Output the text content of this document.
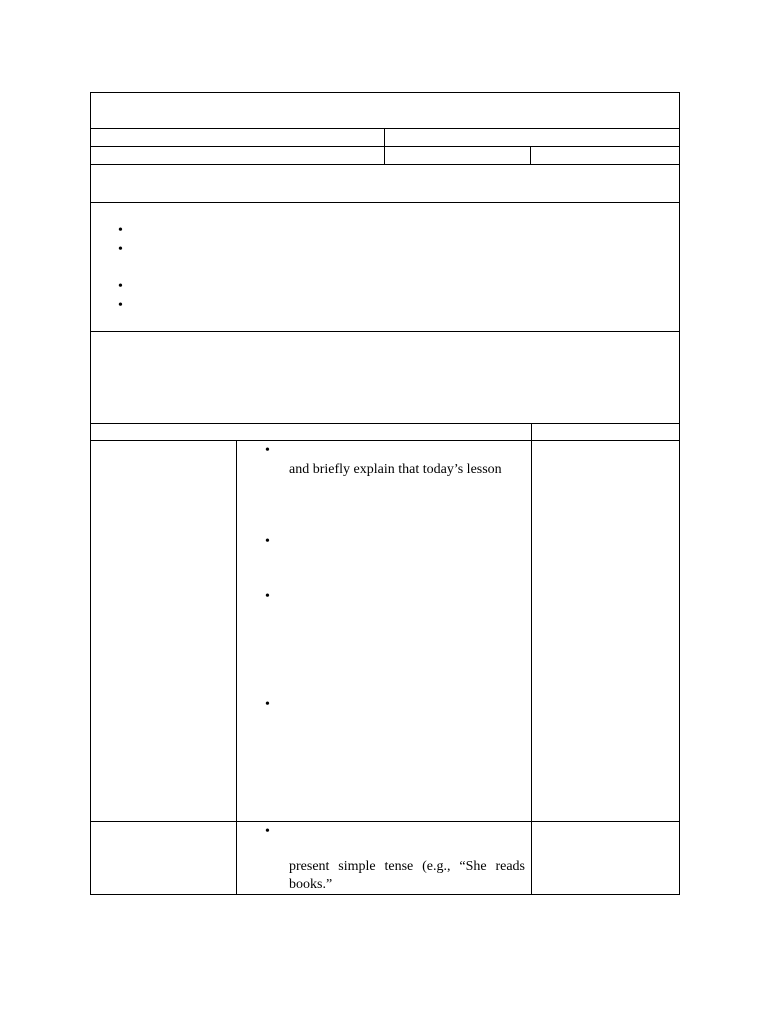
•
•
•
•
•
and briefly explain that today’s lesson
•
•
•
•
present simple tense (e.g., “She reads
books.”
